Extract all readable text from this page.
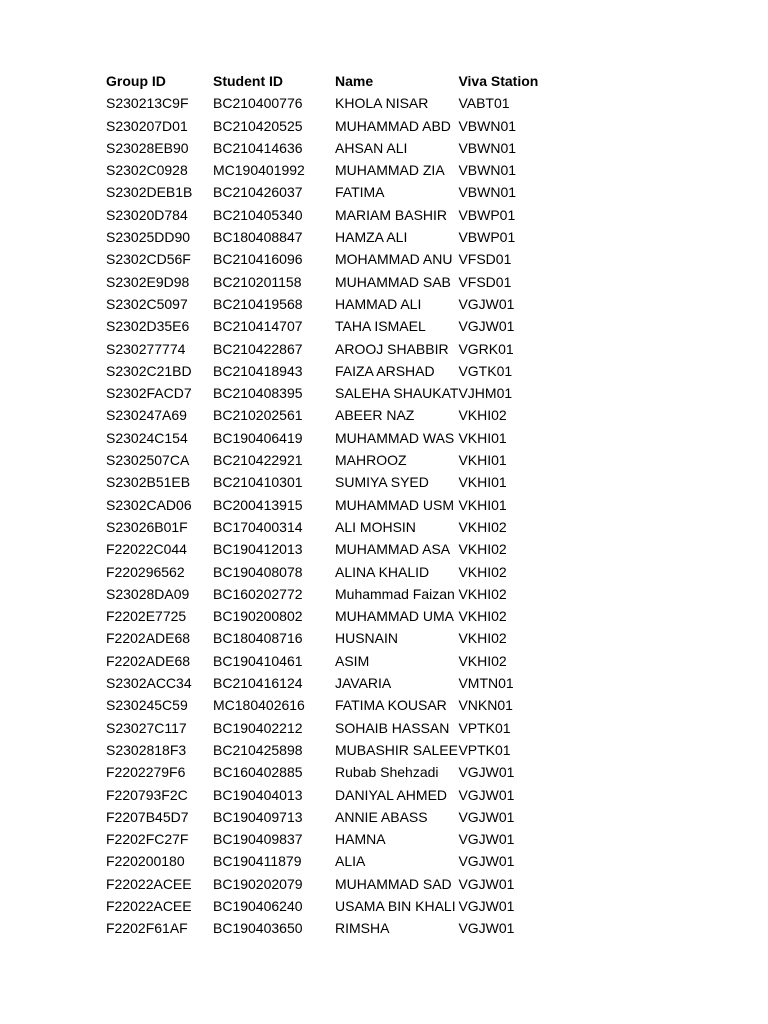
Group ID	Student ID	Name	Viva Station
S230213C9F	BC210400776	KHOLA NISAR	VABT01
S230207D01	BC210420525	MUHAMMAD ABD	VBWN01
S23028EB90	BC210414636	AHSAN ALI	VBWN01
S2302C0928	MC190401992	MUHAMMAD ZIA	VBWN01
S2302DEB1B	BC210426037	FATIMA	VBWN01
S23020D784	BC210405340	MARIAM BASHIR	VBWP01
S23025DD90	BC180408847	HAMZA ALI	VBWP01
S2302CD56F	BC210416096	MOHAMMAD ANU	VFSD01
S2302E9D98	BC210201158	MUHAMMAD SAB	VFSD01
S2302C5097	BC210419568	HAMMAD ALI	VGJW01
S2302D35E6	BC210414707	TAHA ISMAEL	VGJW01
S230277774	BC210422867	AROOJ SHABBIR	VGRK01
S2302C21BD	BC210418943	FAIZA ARSHAD	VGTK01
S2302FACD7	BC210408395	SALEHA SHAUKAT	VJHM01
S230247A69	BC210202561	ABEER NAZ	VKHI02
S23024C154	BC190406419	MUHAMMAD WAS	VKHI01
S2302507CA	BC210422921	MAHROOZ	VKHI01
S2302B51EB	BC210410301	SUMIYA SYED	VKHI01
S2302CAD06	BC200413915	MUHAMMAD USM	VKHI01
S23026B01F	BC170400314	ALI MOHSIN	VKHI02
F22022C044	BC190412013	MUHAMMAD ASA	VKHI02
F220296562	BC190408078	ALINA KHALID	VKHI02
S23028DA09	BC160202772	Muhammad Faizan	VKHI02
F2202E7725	BC190200802	MUHAMMAD UMA	VKHI02
F2202ADE68	BC180408716	HUSNAIN	VKHI02
F2202ADE68	BC190410461	ASIM	VKHI02
S2302ACC34	BC210416124	JAVARIA	VMTN01
S230245C59	MC180402616	FATIMA KOUSAR	VNKN01
S23027C117	BC190402212	SOHAIB HASSAN	VPTK01
S2302818F3	BC210425898	MUBASHIR SALEE	VPTK01
F2202279F6	BC160402885	Rubab Shehzadi	VGJW01
F220793F2C	BC190404013	DANIYAL AHMED	VGJW01
F2207B45D7	BC190409713	ANNIE ABASS	VGJW01
F2202FC27F	BC190409837	HAMNA	VGJW01
F220200180	BC190411879	ALIA	VGJW01
F22022ACEE	BC190202079	MUHAMMAD SAD	VGJW01
F22022ACEE	BC190406240	USAMA BIN KHALI	VGJW01
F2202F61AF	BC190403650	RIMSHA	VGJW01
